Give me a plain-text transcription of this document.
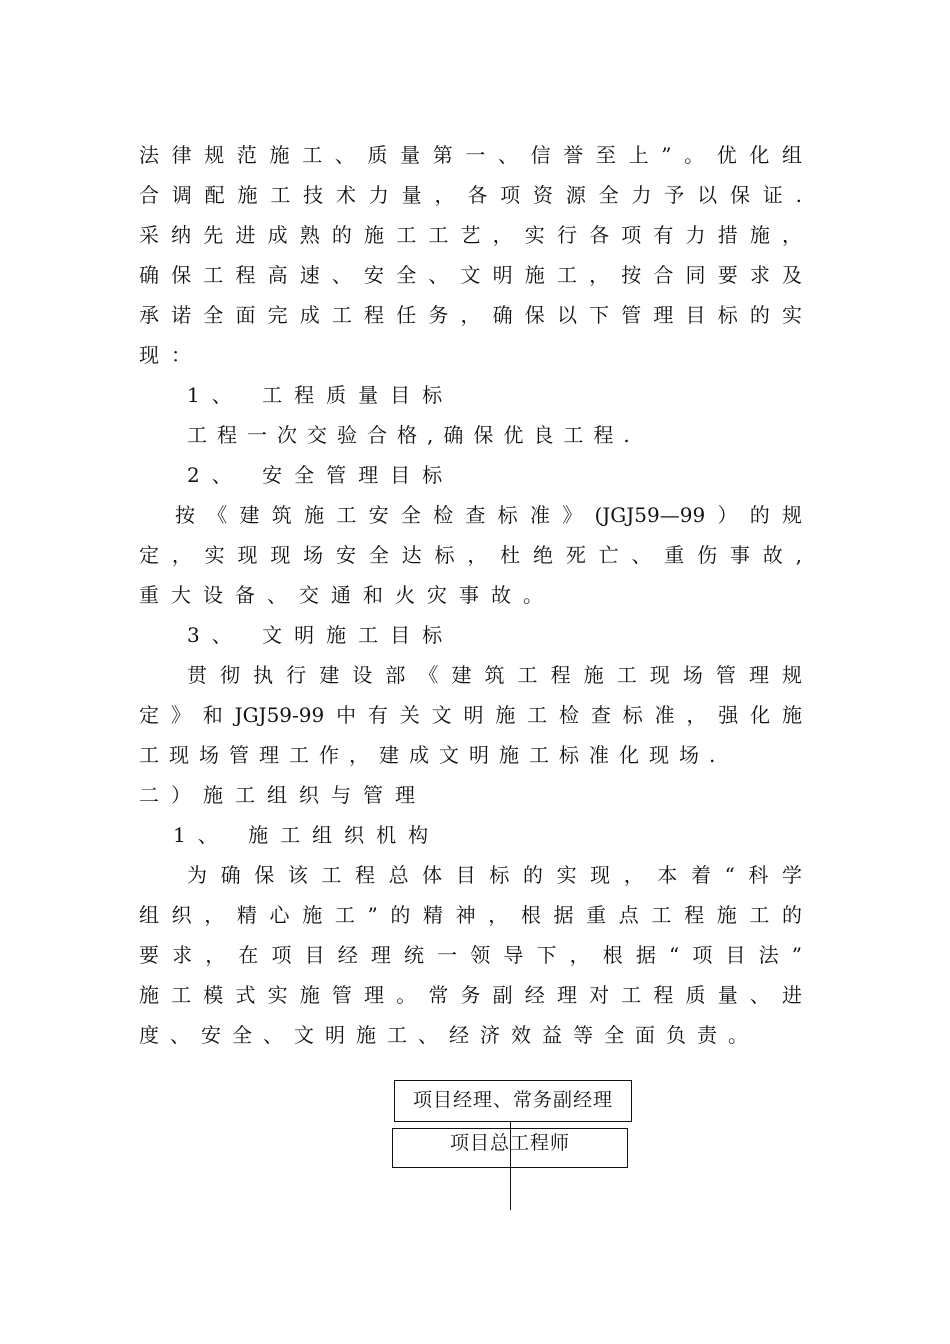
法律规范施工、质量第一、信誉至上”。优化组
合调配施工技术力量，各项资源全力予以保证.
采纳先进成熟的施工工艺，实行各项有力措施，
确保工程高速、安全、文明施工，按合同要求及
承诺全面完成工程任务，确保以下管理目标的实
现：
1、 工程质量目标
工程一次交验合格,确保优良工程.
2、 安全管理目标
按《建筑施工安全检查标准》(JGJ59—99）的规
定，实现现场安全达标，杜绝死亡、重伤事故,
重大设备、交通和火灾事故。
3、 文明施工目标
贯彻执行建设部《建筑工程施工现场管理规
定》和JGJ59-99中有关文明施工检查标准，强化施
工现场管理工作，建成文明施工标准化现场.
二）施工组织与管理
1、 施工组织机构
为确保该工程总体目标的实现，本着“科学
组织，精心施工”的精神，根据重点工程施工的
要求，在项目经理统一领导下，根据“项目法”
施工模式实施管理。常务副经理对工程质量、进
度、安全、文明施工、经济效益等全面负责。
项目经理、常务副经理
项目总工程师
